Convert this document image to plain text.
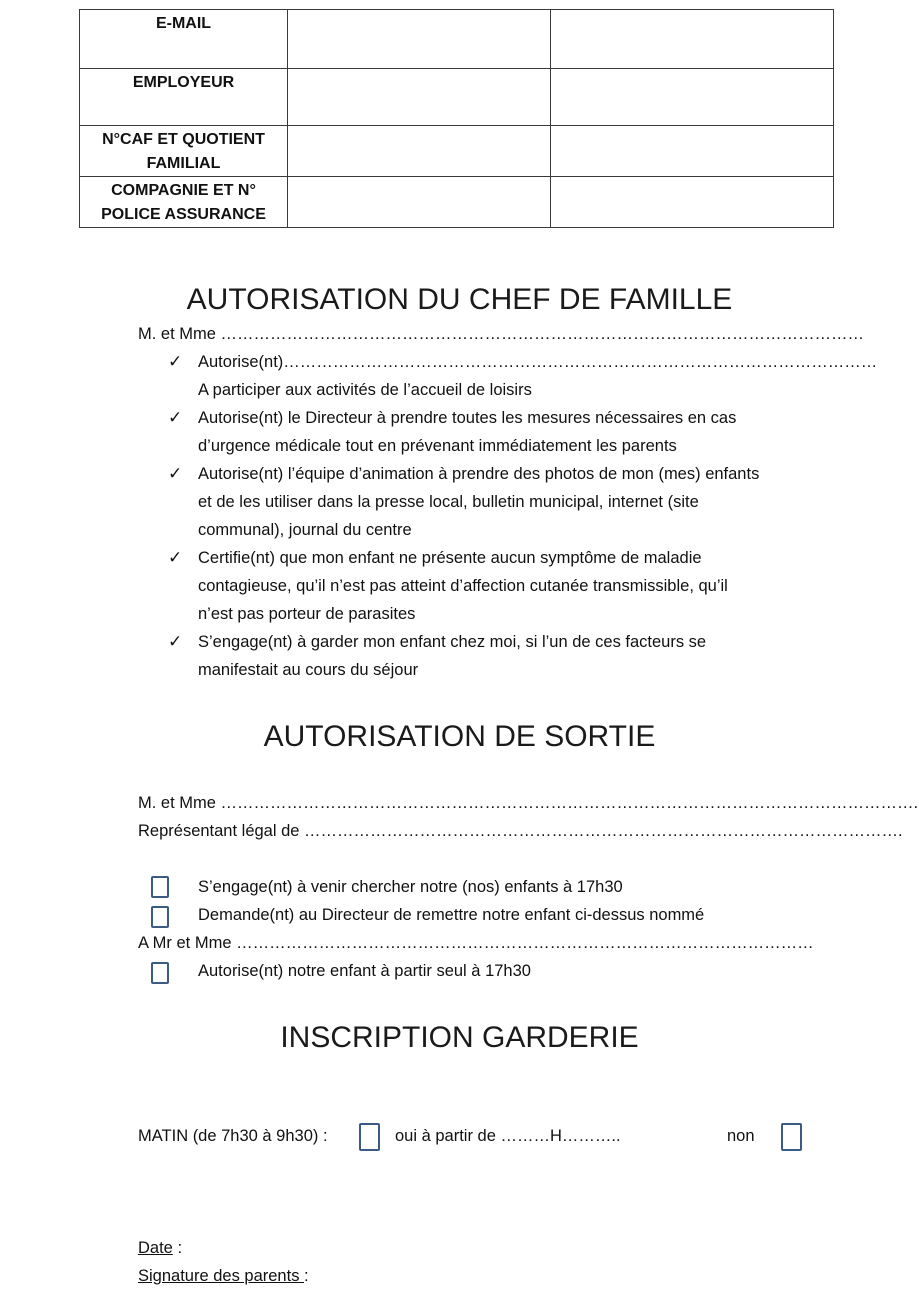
E-MAIL		
EMPLOYEUR		
N°CAF ET QUOTIENT FAMILIAL		
COMPAGNIE ET N° POLICE ASSURANCE		
AUTORISATION DU CHEF DE FAMILLE
M. et Mme ………………………………………………………………………………………………………
✓ Autorise(nt)………………………………………………………………………………………………
A participer aux activités de l’accueil de loisirs
✓ Autorise(nt) le Directeur à prendre toutes les mesures nécessaires en cas
d’urgence médicale tout en prévenant immédiatement les parents
✓ Autorise(nt) l’équipe d’animation à prendre des photos de mon (mes) enfants
et de les utiliser dans la presse local, bulletin municipal, internet (site
communal), journal du centre
✓ Certifie(nt) que mon enfant ne présente aucun symptôme de maladie
contagieuse, qu’il n’est pas atteint d’affection cutanée transmissible, qu’il
n’est pas porteur de parasites
✓ S’engage(nt) à garder mon enfant chez moi, si l’un de ces facteurs se
manifestait au cours du séjour
AUTORISATION DE SORTIE
M. et Mme ……………………………………………………………………………………………………………….
Représentant légal de ……………………………………………………………………………………………….
S’engage(nt) à venir chercher notre (nos) enfants à 17h30
Demande(nt) au Directeur de remettre notre enfant ci-dessus nommé
A Mr et Mme ……………………………………………………………………………………………
Autorise(nt) notre enfant à partir seul à 17h30
INSCRIPTION GARDERIE
MATIN (de 7h30 à 9h30) :	oui à partir de ………H………..	non
Date :
Signature des parents :
